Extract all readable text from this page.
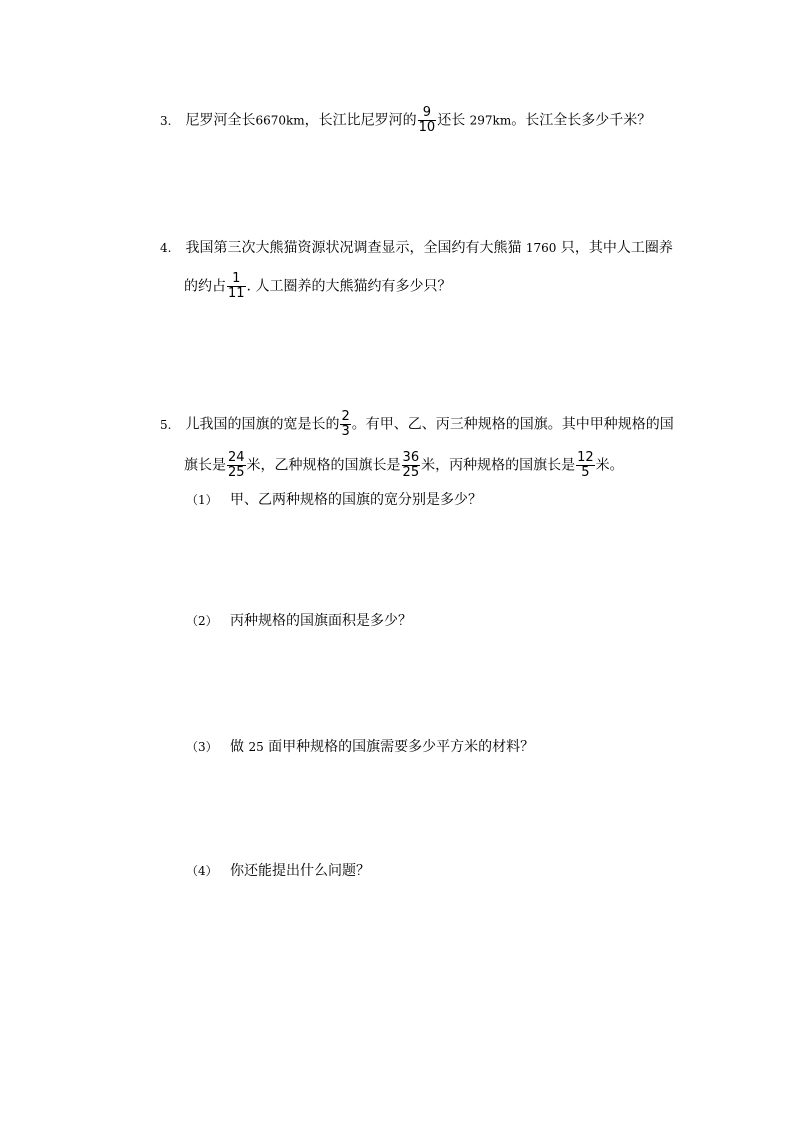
3. 尼罗河全长6670km，长江比尼罗河的 $\frac{9}{10}$ 还长 297km。长江全长多少千米？
4. 我国第三次大熊猫资源状况调查显示，全国约有大熊猫 1760 只，其中人工圈养
的约占 $\frac{1}{11}$ . 人工圈养的大熊猫约有多少只？
5. 儿我国的国旗的宽是长的 $\frac{2}{3}$ 。有甲、乙、丙三种规格的国旗。其中甲种规格的国
旗长是 $\frac{24}{25}$ 米，乙种规格的国旗长是 $\frac{36}{25}$ 米，丙种规格的国旗长是 $\frac{12}{5}$ 米。
（1） 甲、乙两种规格的国旗的宽分别是多少？
（2） 丙种规格的国旗面积是多少？
（3） 做 25 面甲种规格的国旗需要多少平方米的材料？
（4） 你还能提出什么问题？
